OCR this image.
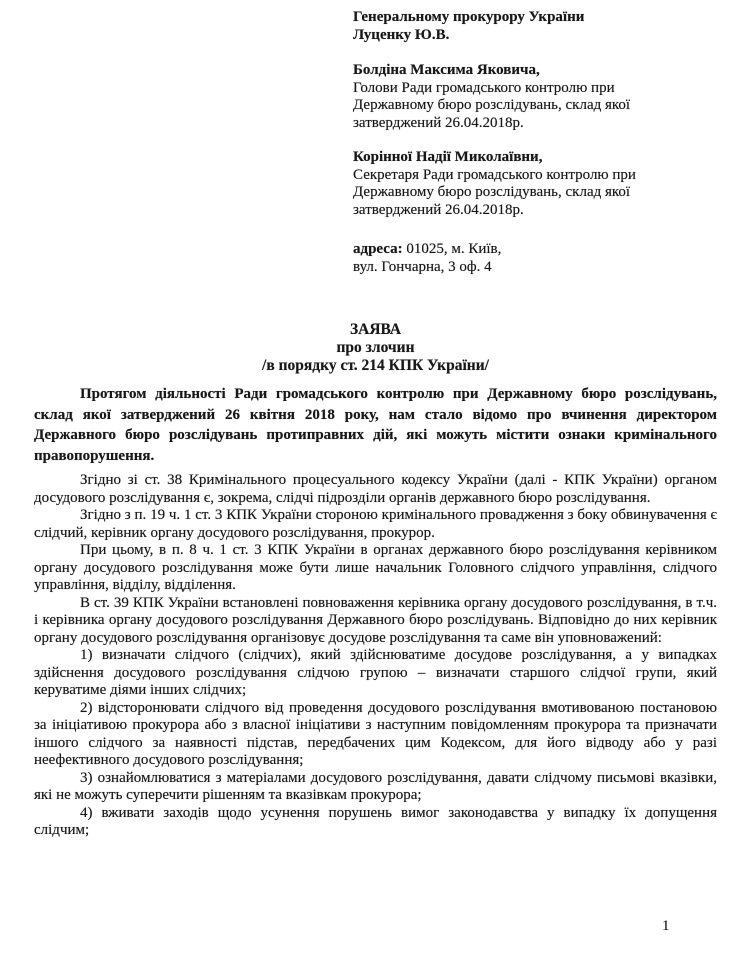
Генеральному прокурору України
Луценку Ю.В.
Болдіна Максима Яковича,
Голови Ради громадського контролю при Державному бюро розслідувань, склад якої затверджений 26.04.2018р.
Корінної Надії Миколаївни,
Секретаря Ради громадського контролю при Державному бюро розслідувань, склад якої затверджений 26.04.2018р.
адреса: 01025, м. Київ,
вул. Гончарна, 3 оф. 4
ЗАЯВА
про злочин
/в порядку ст. 214 КПК України/

Протягом діяльності Ради громадського контролю при Державному бюро розслідувань, склад якої затверджений 26 квітня 2018 року, нам стало відомо про вчинення директором Державного бюро розслідувань протиправних дій, які можуть містити ознаки кримінального правопорушення.

Згідно зі ст. 38 Кримінального процесуального кодексу України (далі - КПК України) органом досудового розслідування є, зокрема, слідчі підрозділи органів державного бюро розслідування.

Згідно з п. 19 ч. 1 ст. 3 КПК України стороною кримінального провадження з боку обвинувачення є слідчий, керівник органу досудового розслідування, прокурор.

При цьому, в п. 8 ч. 1 ст. 3 КПК України в органах державного бюро розслідування керівником органу досудового розслідування може бути лише начальник Головного слідчого управління, слідчого управління, відділу, відділення.

В ст. 39 КПК України встановлені повноваження керівника органу досудового розслідування, в т.ч. і керівника органу досудового розслідування Державного бюро розслідувань. Відповідно до них керівник органу досудового розслідування організовує досудове розслідування та саме він уповноважений:

1) визначати слідчого (слідчих), який здійснюватиме досудове розслідування, а у випадках здійснення досудового розслідування слідчою групою – визначати старшого слідчої групи, який керуватиме діями інших слідчих;

2) відсторонювати слідчого від проведення досудового розслідування вмотивованою постановою за ініціативою прокурора або з власної ініціативи з наступним повідомленням прокурора та призначати іншого слідчого за наявності підстав, передбачених цим Кодексом, для його відводу або у разі неефективного досудового розслідування;

3) ознайомлюватися з матеріалами досудового розслідування, давати слідчому письмові вказівки, які не можуть суперечити рішенням та вказівкам прокурора;

4) вживати заходів щодо усунення порушень вимог законодавства у випадку їх допущення слідчим;

1
